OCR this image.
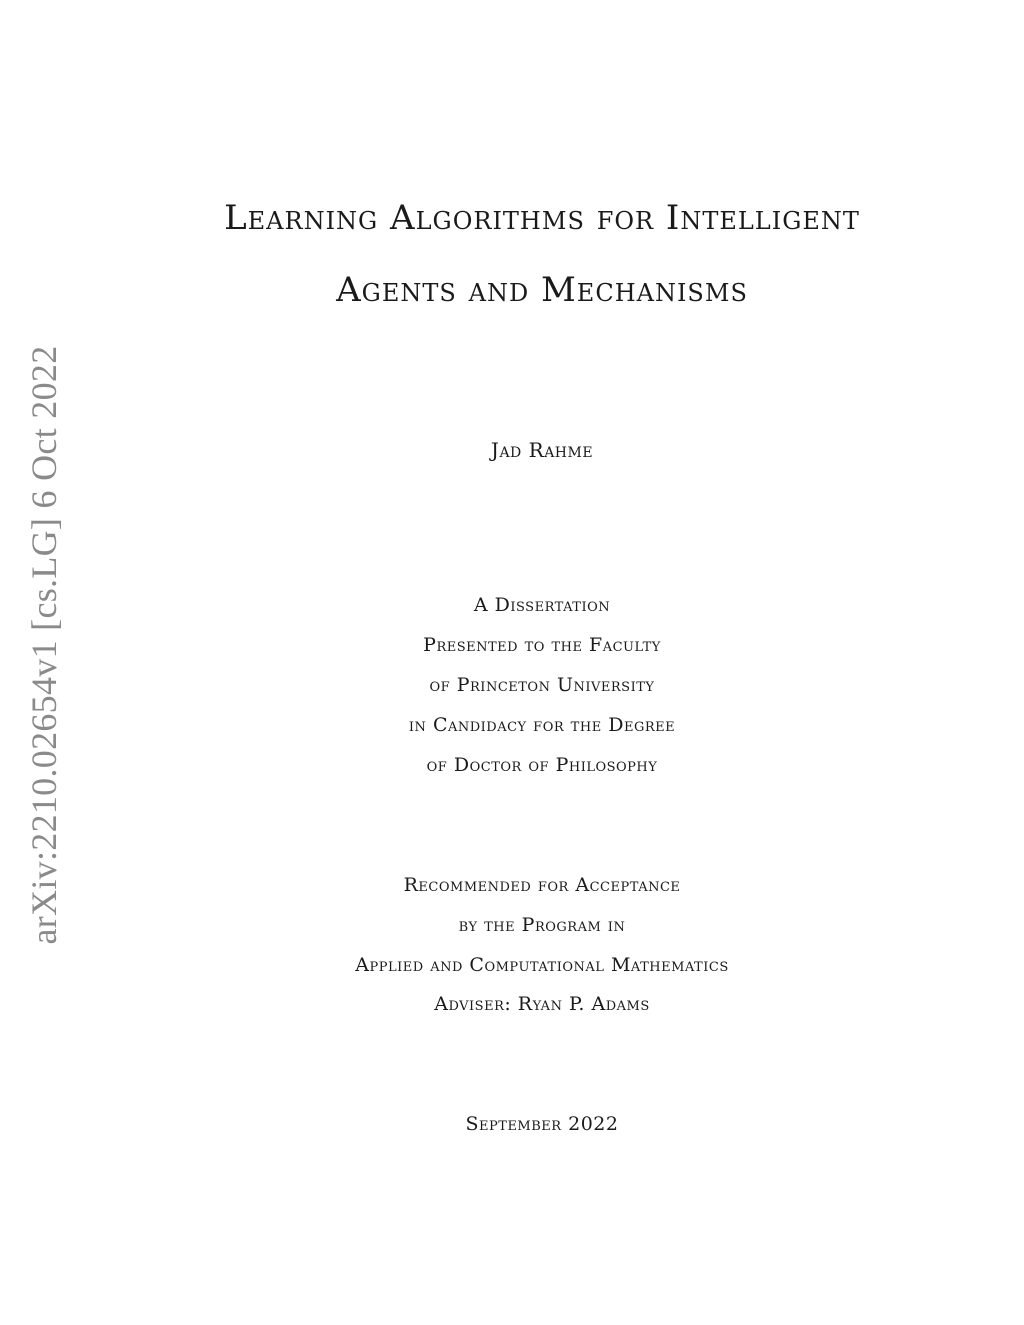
arXiv:2210.02654v1 [cs.LG] 6 Oct 2022
Learning Algorithms for Intelligent
Agents and Mechanisms
Jad Rahme
A Dissertation
Presented to the Faculty
of Princeton University
in Candidacy for the Degree
of Doctor of Philosophy
Recommended for Acceptance
by the Program in
Applied and Computational Mathematics
Adviser: Ryan P. Adams
September 2022
